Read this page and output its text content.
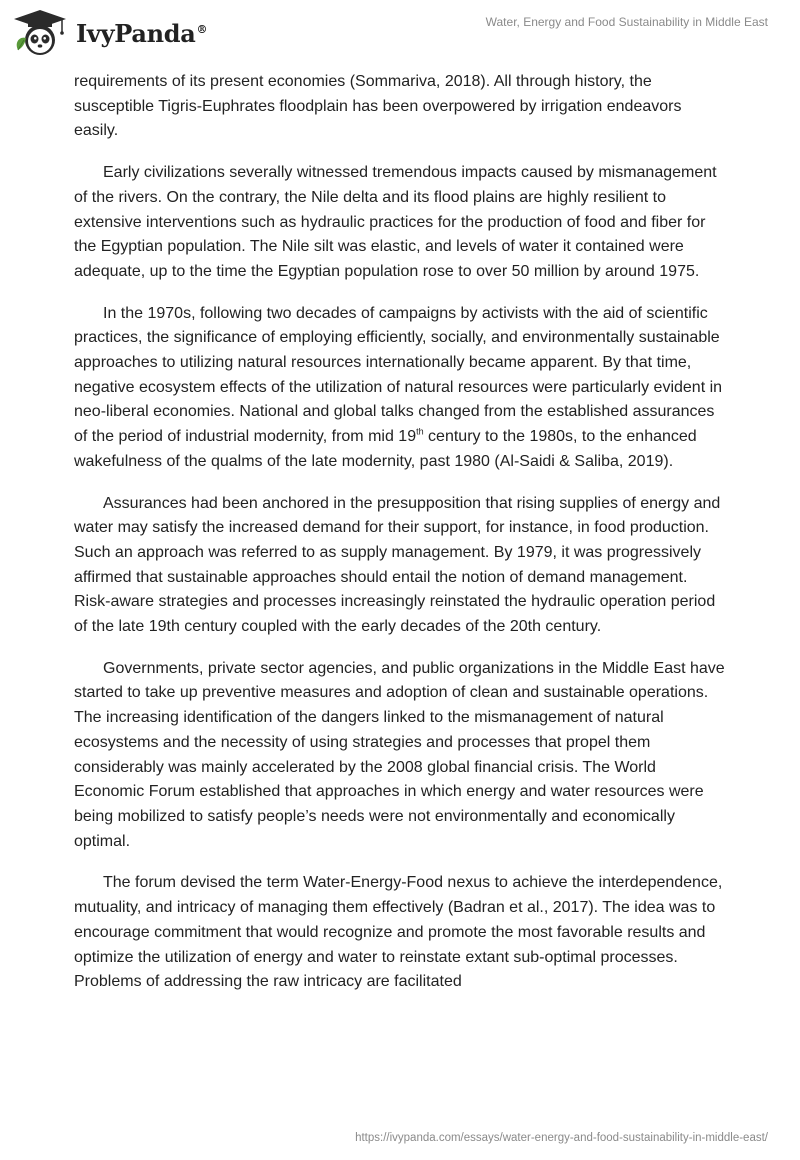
IvyPanda®	Water, Energy and Food Sustainability in Middle East

requirements of its present economies (Sommariva, 2018). All through history, the susceptible Tigris-Euphrates floodplain has been overpowered by irrigation endeavors easily.

Early civilizations severally witnessed tremendous impacts caused by mismanagement of the rivers. On the contrary, the Nile delta and its flood plains are highly resilient to extensive interventions such as hydraulic practices for the production of food and fiber for the Egyptian population. The Nile silt was elastic, and levels of water it contained were adequate, up to the time the Egyptian population rose to over 50 million by around 1975.

In the 1970s, following two decades of campaigns by activists with the aid of scientific practices, the significance of employing efficiently, socially, and environmentally sustainable approaches to utilizing natural resources internationally became apparent. By that time, negative ecosystem effects of the utilization of natural resources were particularly evident in neo-liberal economies. National and global talks changed from the established assurances of the period of industrial modernity, from mid 19th century to the 1980s, to the enhanced wakefulness of the qualms of the late modernity, past 1980 (Al-Saidi & Saliba, 2019).

Assurances had been anchored in the presupposition that rising supplies of energy and water may satisfy the increased demand for their support, for instance, in food production. Such an approach was referred to as supply management. By 1979, it was progressively affirmed that sustainable approaches should entail the notion of demand management. Risk-aware strategies and processes increasingly reinstated the hydraulic operation period of the late 19th century coupled with the early decades of the 20th century.

Governments, private sector agencies, and public organizations in the Middle East have started to take up preventive measures and adoption of clean and sustainable operations. The increasing identification of the dangers linked to the mismanagement of natural ecosystems and the necessity of using strategies and processes that propel them considerably was mainly accelerated by the 2008 global financial crisis. The World Economic Forum established that approaches in which energy and water resources were being mobilized to satisfy people’s needs were not environmentally and economically optimal.

The forum devised the term Water-Energy-Food nexus to achieve the interdependence, mutuality, and intricacy of managing them effectively (Badran et al., 2017). The idea was to encourage commitment that would recognize and promote the most favorable results and optimize the utilization of energy and water to reinstate extant sub-optimal processes. Problems of addressing the raw intricacy are facilitated

https://ivypanda.com/essays/water-energy-and-food-sustainability-in-middle-east/
